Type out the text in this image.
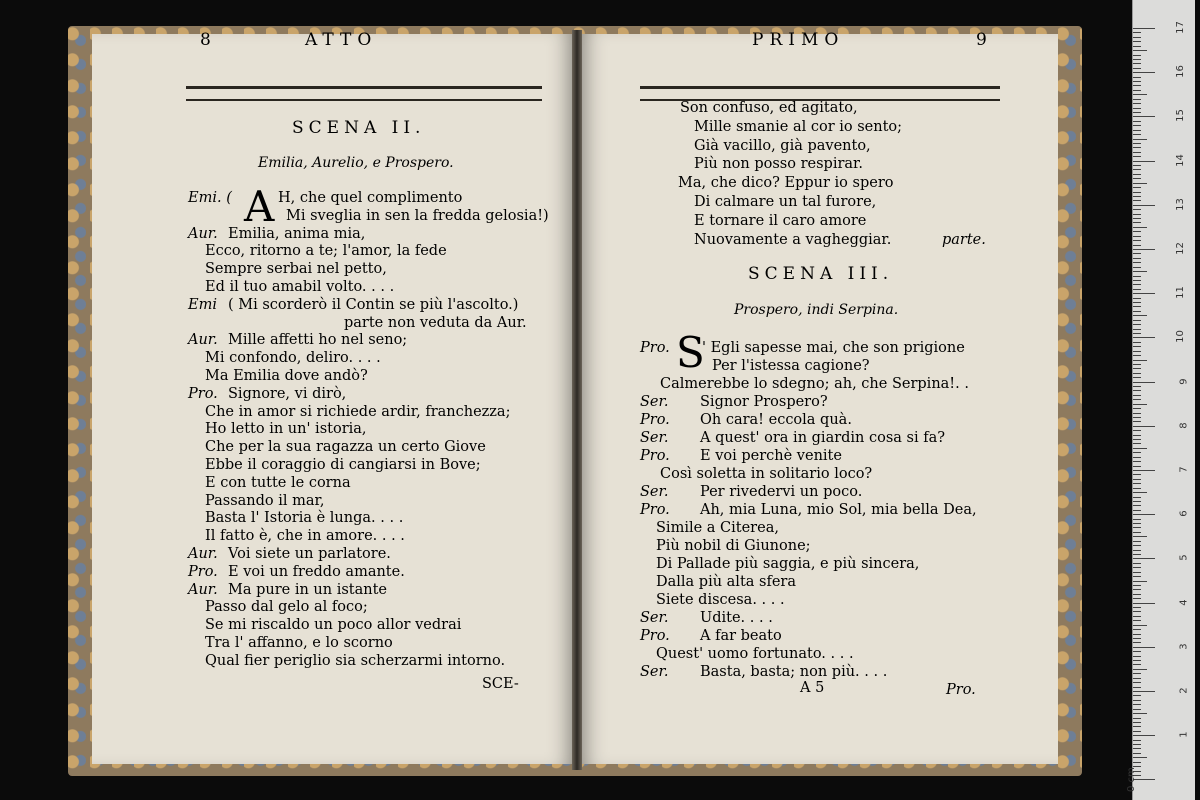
8	ATTO
SCENA II.
Emilia, Aurelio, e Prospero.
A
Emi. (	H, che quel complimento
Mi sveglia in sen la fredda gelosia!)
Aur. Emilia, anima mia,
Ecco, ritorno a te; l'amor, la fede
Sempre serbai nel petto,
Ed il tuo amabil volto. . . .
Emi ( Mi scorderò il Contin se più l'ascolto.)
parte non veduta da Aur.
Aur. Mille affetti ho nel seno;
Mi confondo, deliro. . . .
Ma Emilia dove andò?
Pro. Signore, vi dirò,
Che in amor si richiede ardir, franchezza;
Ho letto in un' istoria,
Che per la sua ragazza un certo Giove
Ebbe il coraggio di cangiarsi in Bove;
E con tutte le corna
Passando il mar,
Basta l' Istoria è lunga. . . .
Il fatto è, che in amore. . . .
Aur. Voi siete un parlatore.
Pro. E voi un freddo amante.
Aur. Ma pure in un istante
Passo dal gelo al foco;
Se mi riscaldo un poco allor vedrai
Tra l' affanno, e lo scorno
Qual fier periglio sia scherzarmi intorno.
SCE-
PRIMO	9
Son confuso, ed agitato,
Mille smanie al cor io sento;
Già vacillo, già pavento,
Più non posso respirar.
Ma, che dico? Eppur io spero
Di calmare un tal furore,
E tornare il caro amore
Nuovamente a vagheggiar.	parte.
SCENA III.
Prospero, indi Serpina.
S
Pro. ' Egli sapesse mai, che son prigione
Per l'istessa cagione?
Calmerebbe lo sdegno; ah, che Serpina!. .
Ser. Signor Prospero?
Pro. Oh cara! eccola quà.
Ser. A quest' ora in giardin cosa si fa?
Pro. E voi perchè venite
Così soletta in solitario loco?
Ser. Per rivedervi un poco.
Pro. Ah, mia Luna, mio Sol, mia bella Dea,
Simile a Citerea,
Più nobil di Giunone;
Di Pallade più saggia, e più sincera,
Dalla più alta sfera
Siete discesa. . . .
Ser. Udite. . . .
Pro. A far beato
Quest' uomo fortunato. . . .
Ser. Basta, basta; non più. . . .
A 5	Pro.
17
16
15
14
13
12
11
10
9
8
7
6
5
4
3
2
1
0 cm
